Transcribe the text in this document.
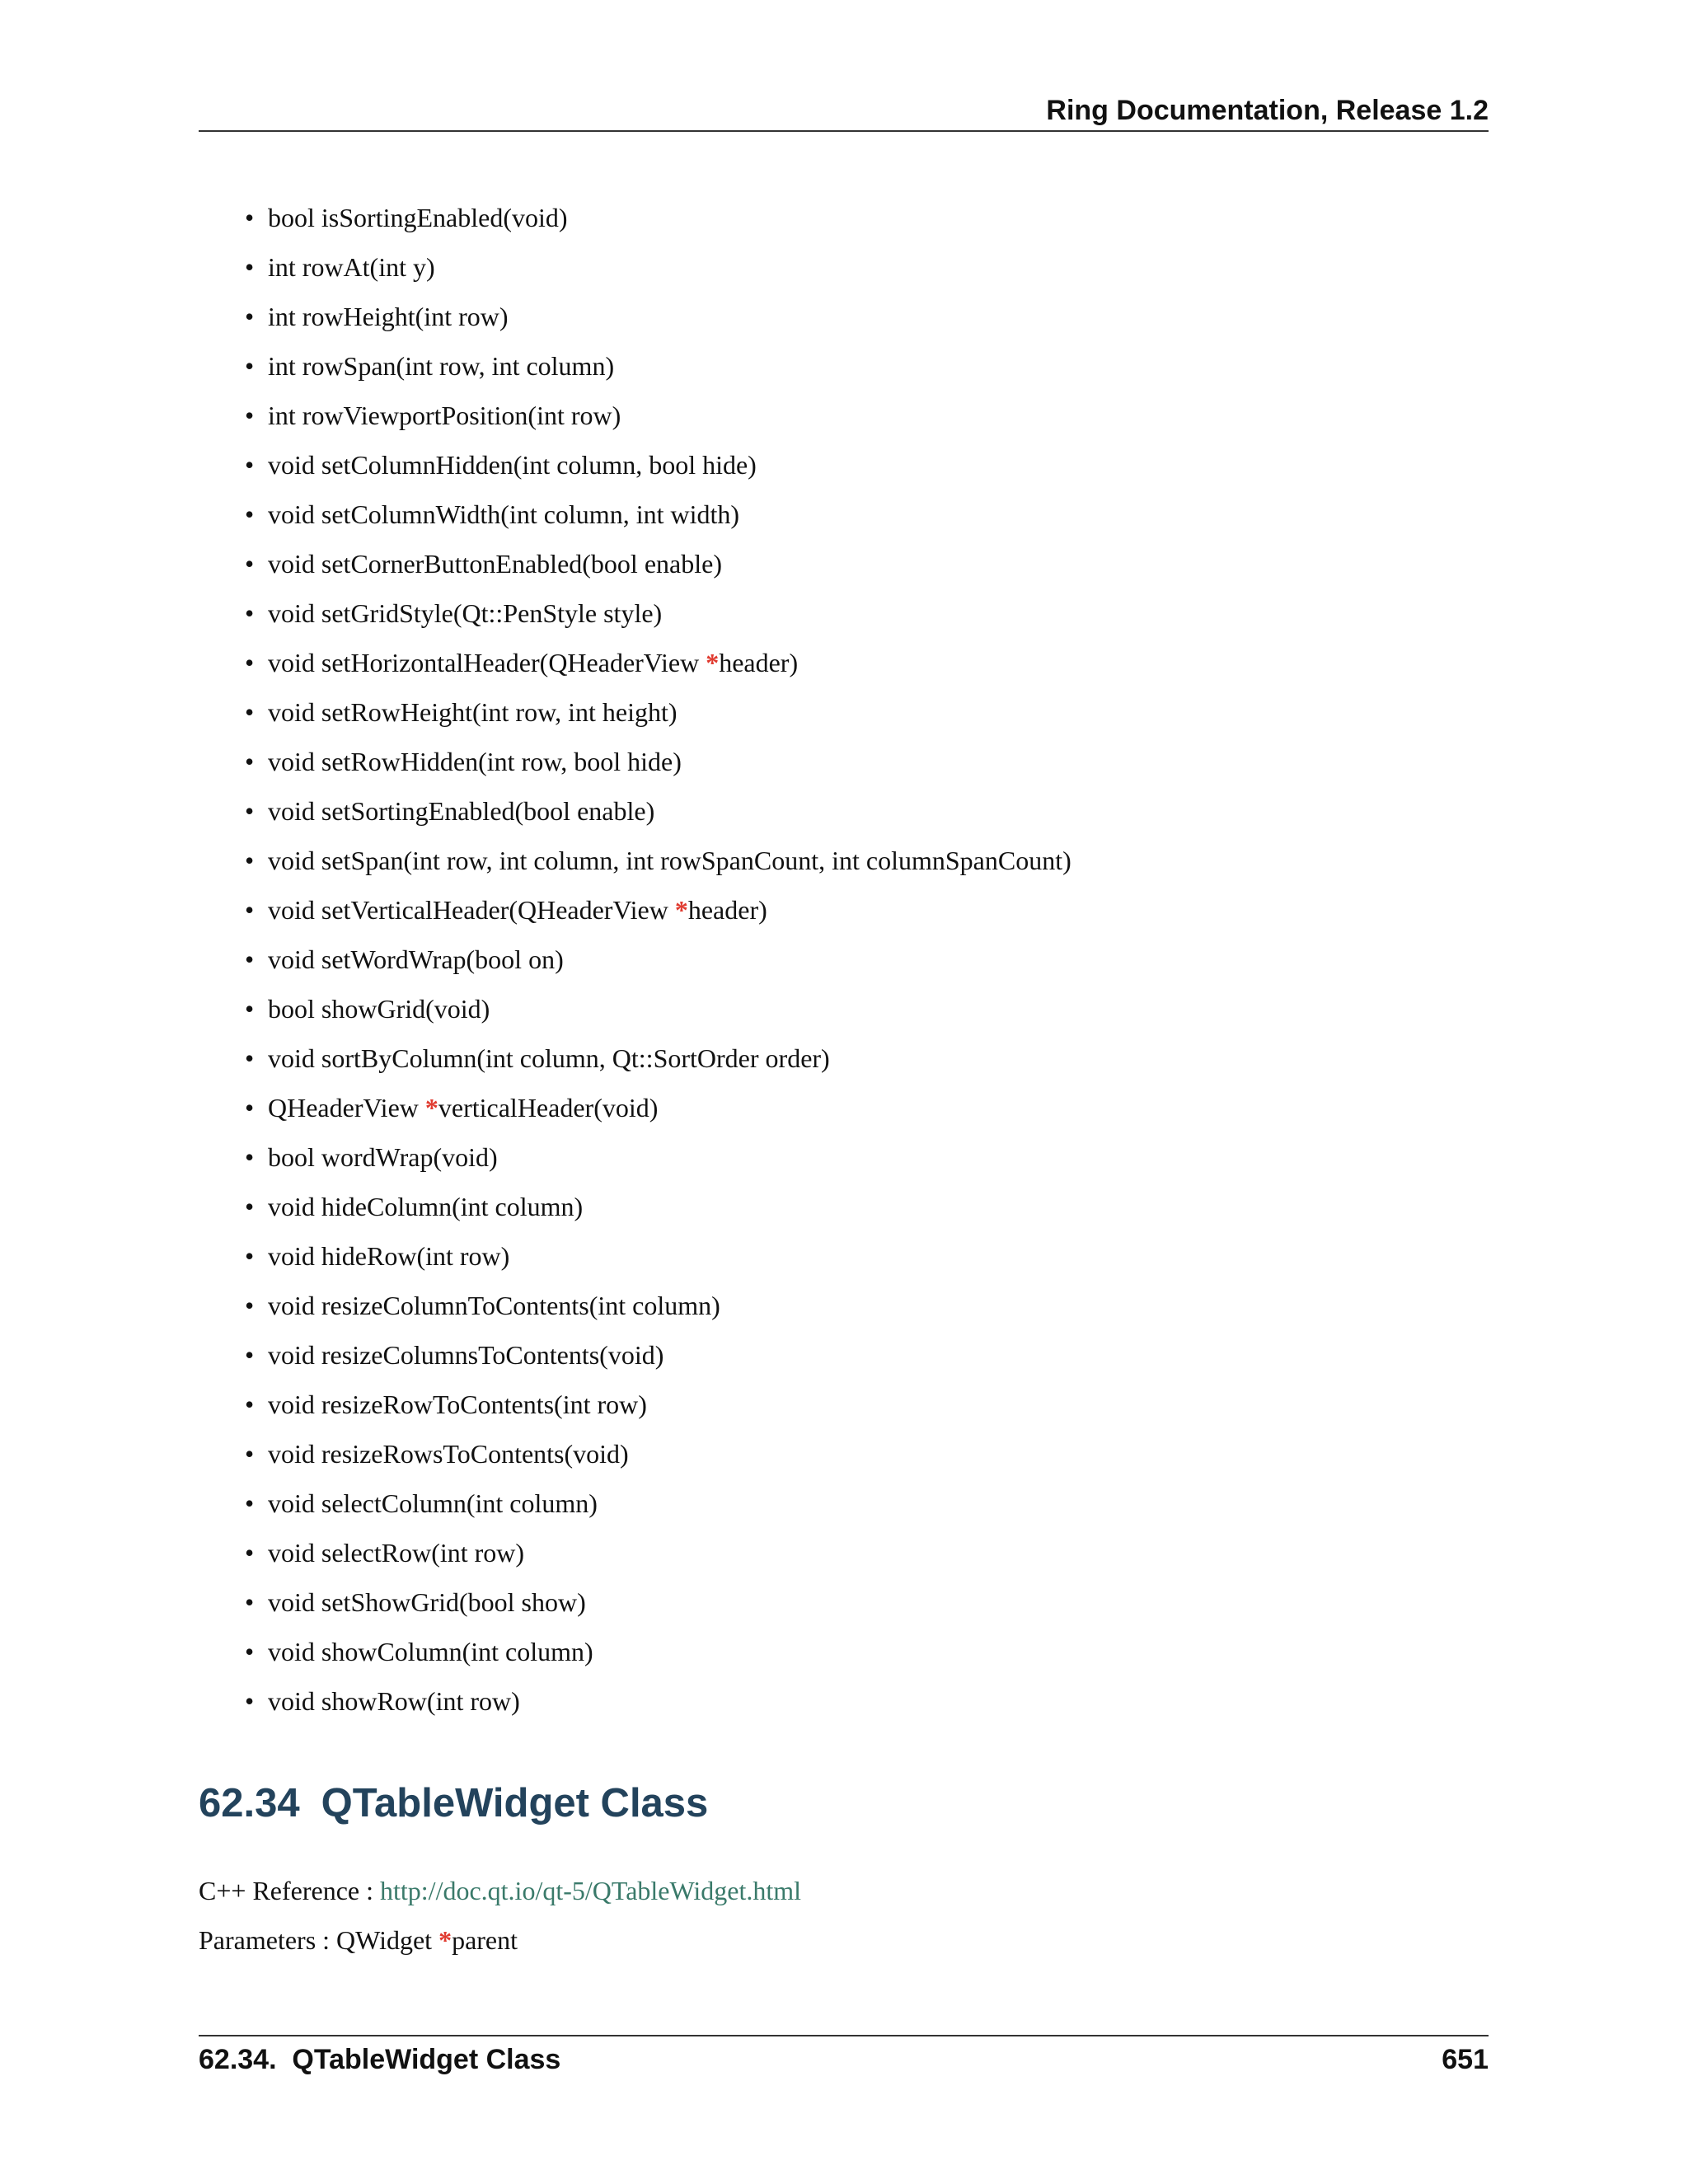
Ring Documentation, Release 1.2
• bool isSortingEnabled(void)
• int rowAt(int y)
• int rowHeight(int row)
• int rowSpan(int row, int column)
• int rowViewportPosition(int row)
• void setColumnHidden(int column, bool hide)
• void setColumnWidth(int column, int width)
• void setCornerButtonEnabled(bool enable)
• void setGridStyle(Qt::PenStyle style)
• void setHorizontalHeader(QHeaderView *header)
• void setRowHeight(int row, int height)
• void setRowHidden(int row, bool hide)
• void setSortingEnabled(bool enable)
• void setSpan(int row, int column, int rowSpanCount, int columnSpanCount)
• void setVerticalHeader(QHeaderView *header)
• void setWordWrap(bool on)
• bool showGrid(void)
• void sortByColumn(int column, Qt::SortOrder order)
• QHeaderView *verticalHeader(void)
• bool wordWrap(void)
• void hideColumn(int column)
• void hideRow(int row)
• void resizeColumnToContents(int column)
• void resizeColumnsToContents(void)
• void resizeRowToContents(int row)
• void resizeRowsToContents(void)
• void selectColumn(int column)
• void selectRow(int row)
• void setShowGrid(bool show)
• void showColumn(int column)
• void showRow(int row)
62.34 QTableWidget Class

C++ Reference : http://doc.qt.io/qt-5/QTableWidget.html

Parameters : QWidget *parent

62.34.  QTableWidget Class	651
